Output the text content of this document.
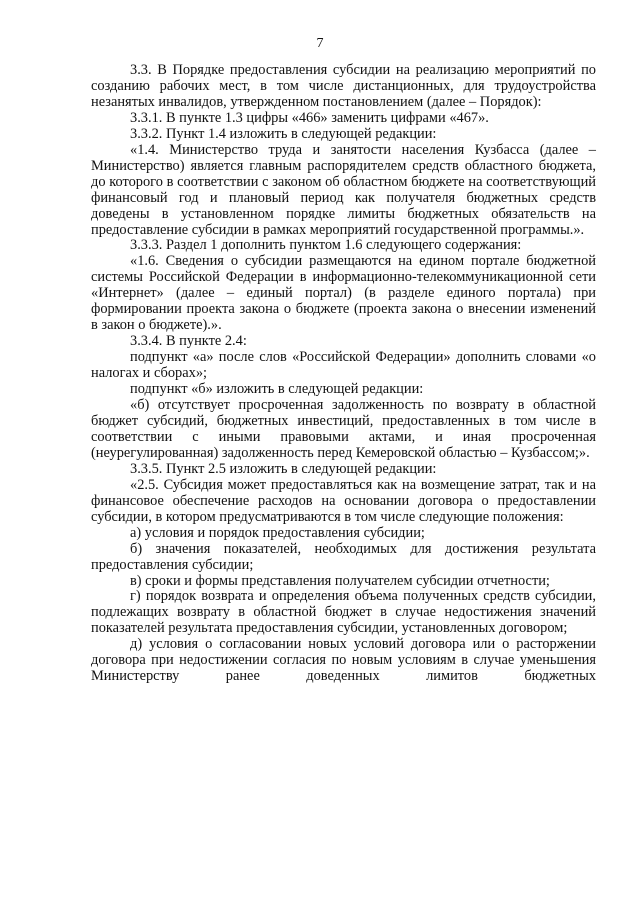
7

3.3. В Порядке предоставления субсидии на реализацию мероприятий по созданию рабочих мест, в том числе дистанционных, для трудоустройства незанятых инвалидов, утвержденном постановлением (далее – Порядок):

3.3.1. В пункте 1.3 цифры «466» заменить цифрами «467».

3.3.2. Пункт 1.4 изложить в следующей редакции:

«1.4. Министерство труда и занятости населения Кузбасса (далее – Министерство) является главным распорядителем средств областного бюджета, до которого в соответствии с законом об областном бюджете на соответствующий финансовый год и плановый период как получателя бюджетных средств доведены в установленном порядке лимиты бюджетных обязательств на предоставление субсидии в рамках мероприятий государственной программы.».

3.3.3. Раздел 1 дополнить пунктом 1.6 следующего содержания:

«1.6. Сведения о субсидии размещаются на едином портале бюджетной системы Российской Федерации в информационно-телекоммуникационной сети «Интернет» (далее – единый портал) (в разделе единого портала) при формировании проекта закона о бюджете (проекта закона о внесении изменений в закон о бюджете).».

3.3.4. В пункте 2.4:

подпункт «а» после слов «Российской Федерации» дополнить словами «о налогах и сборах»;

подпункт «б» изложить в следующей редакции:

«б) отсутствует просроченная задолженность по возврату в областной бюджет субсидий, бюджетных инвестиций, предоставленных в том числе в соответствии с иными правовыми актами, и иная просроченная (неурегулированная) задолженность перед Кемеровской областью – Кузбассом;».

3.3.5. Пункт 2.5 изложить в следующей редакции:

«2.5. Субсидия может предоставляться как на возмещение затрат, так и на финансовое обеспечение расходов на основании договора о предоставлении субсидии, в котором предусматриваются в том числе следующие положения:

а) условия и порядок предоставления субсидии;

б) значения показателей, необходимых для достижения результата предоставления субсидии;

в) сроки и формы представления получателем субсидии отчетности;

г) порядок возврата и определения объема полученных средств субсидии, подлежащих возврату в областной бюджет в случае недостижения значений показателей результата предоставления субсидии, установленных договором;

д) условия о согласовании новых условий договора или о расторжении договора при недостижении согласия по новым условиям в случае уменьшения Министерству ранее доведенных лимитов бюджетных
